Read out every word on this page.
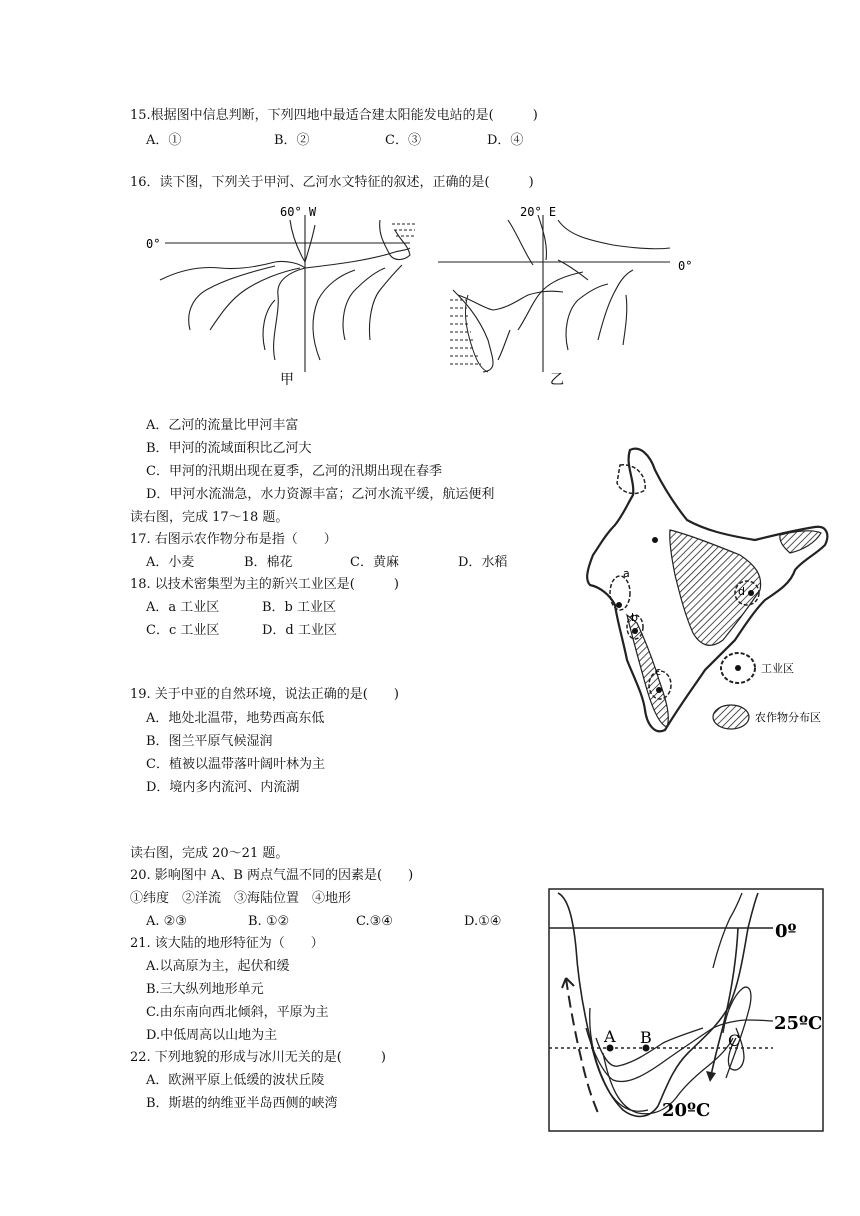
15.根据图中信息判断，下列四地中最适合建太阳能发电站的是(　　　)
A．①	B．②	C．③	D．④
16．读下图，下列关于甲河、乙河水文特征的叙述，正确的是(　　　)
60° W
0°
甲
20° E
0°
乙
A．乙河的流量比甲河丰富
B．甲河的流域面积比乙河大
C．甲河的汛期出现在夏季，乙河的汛期出现在春季
D．甲河水流湍急，水力资源丰富；乙河水流平缓，航运便利
读右图，完成 17～18 题。
17. 右图示农作物分布是指（　　）
A．小麦	B．棉花	C．黄麻	D．水稻
18. 以技术密集型为主的新兴工业区是(　　　)
A．a 工业区	B．b 工业区
C．c 工业区	D．d 工业区
a
b
c
d
工业区
农作物分布区
19. 关于中亚的自然环境，说法正确的是(　　)
A．地处北温带，地势西高东低
B．图兰平原气候湿润
C．植被以温带落叶阔叶林为主
D．境内多内流河、内流湖
读右图，完成 20～21 题。
20. 影响图中 A、B 两点气温不同的因素是(　　)
①纬度　②洋流　③海陆位置　④地形
A. ②③	B. ①②	C.③④	D.①④
21. 该大陆的地形特征为（　　）
A.以高原为主，起伏和缓
B.三大纵列地形单元
C.由东南向西北倾斜，平原为主
D.中低周高以山地为主
22. 下列地貌的形成与冰川无关的是(　　　)
A．欧洲平原上低缓的波状丘陵
B．斯堪的纳维亚半岛西侧的峡湾
0º
A B	C
25ºC
20ºC
